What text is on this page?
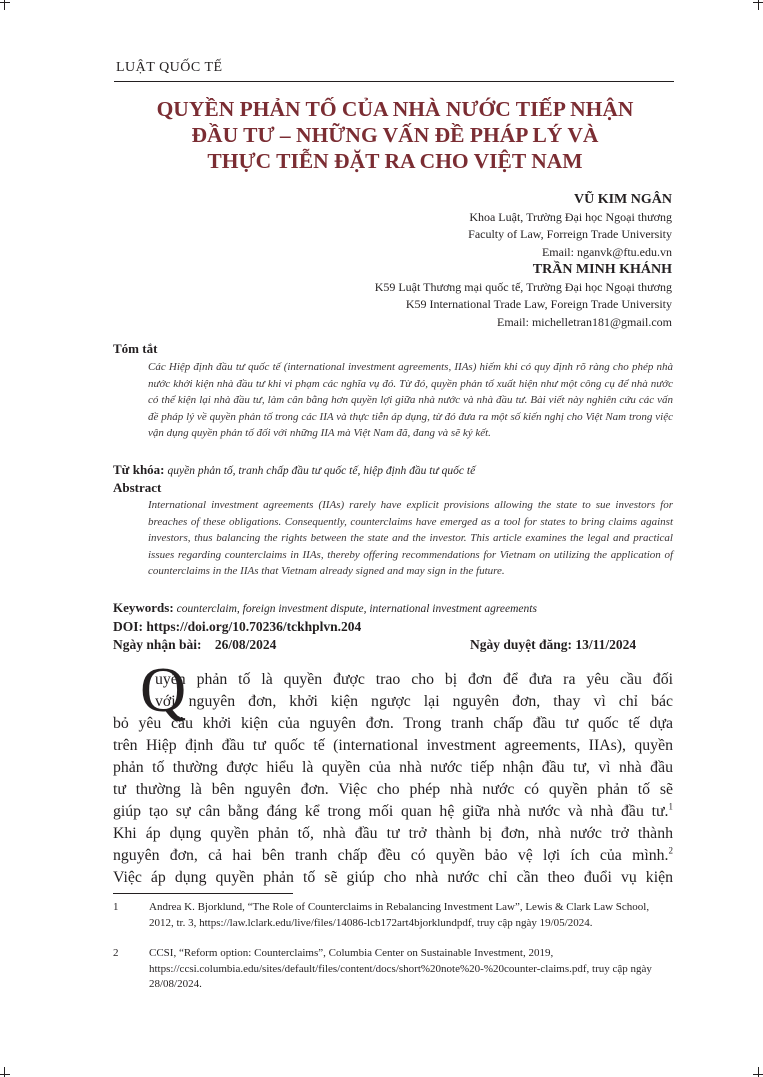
LUẬT QUỐC TẾ
QUYỀN PHẢN TỐ CỦA NHÀ NƯỚC TIẾP NHẬN
ĐẦU TƯ – NHỮNG VẤN ĐỀ PHÁP LÝ VÀ
THỰC TIỄN ĐẶT RA CHO VIỆT NAM
VŨ KIM NGÂN
Khoa Luật, Trường Đại học Ngoại thương
Faculty of Law, Forreign Trade University
Email: nganvk@ftu.edu.vn
TRẦN MINH KHÁNH
K59 Luật Thương mại quốc tế, Trường Đại học Ngoại thương
K59 International Trade Law, Foreign Trade University
Email: michelletran181@gmail.com
Tóm tắt
Các Hiệp định đầu tư quốc tế (international investment agreements, IIAs) hiếm khi có quy định rõ ràng cho phép nhà nước khởi kiện nhà đầu tư khi vi phạm các nghĩa vụ đó. Từ đó, quyền phản tố xuất hiện như một công cụ để nhà nước có thể kiện lại nhà đầu tư, làm cân bằng hơn quyền lợi giữa nhà nước và nhà đầu tư. Bài viết này nghiên cứu các vấn đề pháp lý về quyền phản tố trong các IIA và thực tiễn áp dụng, từ đó đưa ra một số kiến nghị cho Việt Nam trong việc vận dụng quyền phản tố đối với những IIA mà Việt Nam đã, đang và sẽ ký kết.
Từ khóa: quyền phản tố, tranh chấp đầu tư quốc tế, hiệp định đầu tư quốc tế
Abstract
International investment agreements (IIAs) rarely have explicit provisions allowing the state to sue investors for breaches of these obligations. Consequently, counterclaims have emerged as a tool for states to bring claims against investors, thus balancing the rights between the state and the investor. This article examines the legal and practical issues regarding counterclaims in IIAs, thereby offering recommendations for Vietnam on utilizing the application of counterclaims in the IIAs that Vietnam already signed and may sign in the future.
Keywords: counterclaim, foreign investment dispute, international investment agreements
DOI: https://doi.org/10.70236/tckhplvn.204
Ngày nhận bài: 26/08/2024	Ngày duyệt đăng: 13/11/2024
Q
uyền phản tố là quyền được trao cho bị đơn để đưa ra yêu cầu đối
với nguyên đơn, khởi kiện ngược lại nguyên đơn, thay vì chỉ bác
bỏ yêu cầu khởi kiện của nguyên đơn. Trong tranh chấp đầu tư quốc tế dựa
trên Hiệp định đầu tư quốc tế (international investment agreements, IIAs), quyền
phản tố thường được hiểu là quyền của nhà nước tiếp nhận đầu tư, vì nhà đầu
tư thường là bên nguyên đơn. Việc cho phép nhà nước có quyền phản tố sẽ
giúp tạo sự cân bằng đáng kể trong mối quan hệ giữa nhà nước và nhà đầu tư.$^1$
Khi áp dụng quyền phản tố, nhà đầu tư trở thành bị đơn, nhà nước trở thành
nguyên đơn, cả hai bên tranh chấp đều có quyền bảo vệ lợi ích của mình.$^2$
Việc áp dụng quyền phản tố sẽ giúp cho nhà nước chỉ cần theo đuổi vụ kiện
1	Andrea K. Bjorklund, “The Role of Counterclaims in Rebalancing Investment Law”, Lewis & Clark Law School, 2012, tr. 3, https://law.lclark.edu/live/files/14086-lcb172art4bjorklundpdf, truy cập ngày 19/05/2024.
2	CCSI, “Reform option: Counterclaims”, Columbia Center on Sustainable Investment, 2019, https://ccsi.columbia.edu/sites/default/files/content/docs/short%20note%20-%20counter-claims.pdf, truy cập ngày 28/08/2024.
